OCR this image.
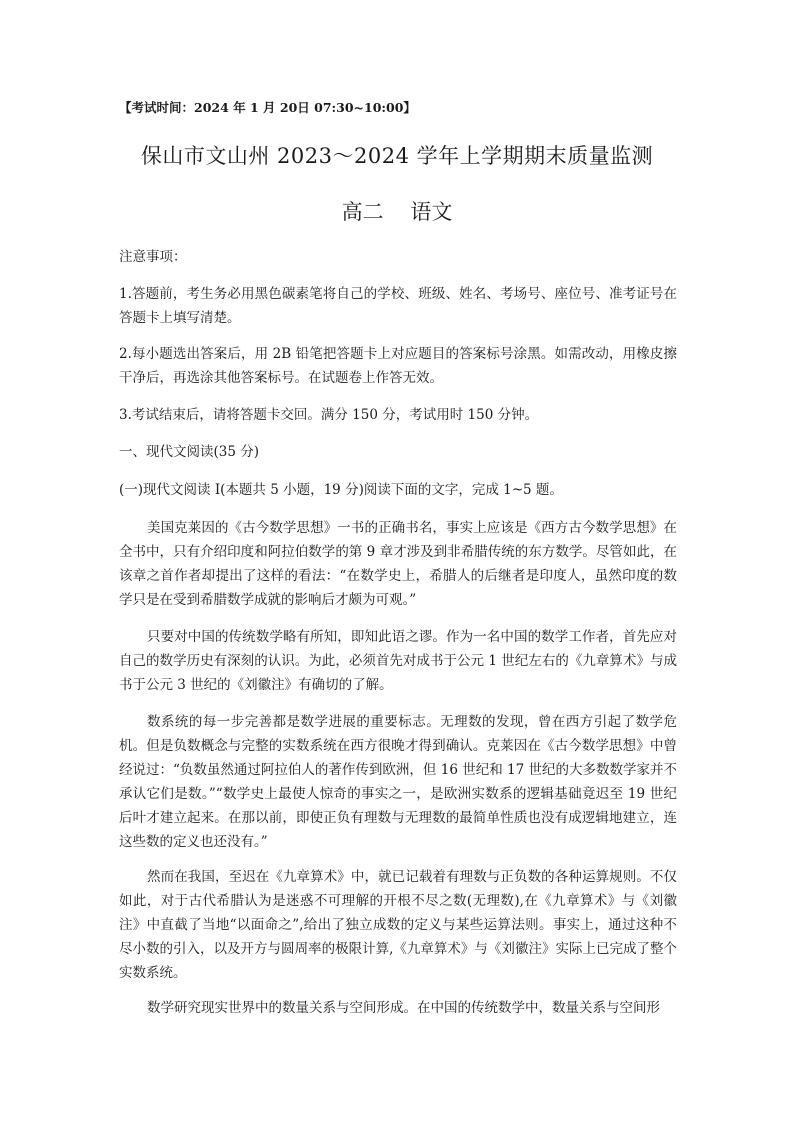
【考试时间：2024 年 1 月 20日 07:30~10:00】
保山市文山州 2023～2024 学年上学期期末质量监测
高二    语文
注意事项：
1.答题前，考生务必用黑色碳素笔将自己的学校、班级、姓名、考场号、座位号、准考证号在答题卡上填写清楚。
2.每小题选出答案后，用 2B 铅笔把答题卡上对应题目的答案标号涂黑。如需改动，用橡皮擦干净后，再选涂其他答案标号。在试题卷上作答无效。
3.考试结束后，请将答题卡交回。满分 150 分，考试用时 150 分钟。
一、现代文阅读(35 分)
(一)现代文阅读 I(本题共 5 小题，19 分)阅读下面的文字，完成 1~5 题。
美国克莱因的《古今数学思想》一书的正确书名，事实上应该是《西方古今数学思想》在全书中，只有介绍印度和阿拉伯数学的第 9 章才涉及到非希腊传统的东方数学。尽管如此，在该章之首作者却提出了这样的看法：“在数学史上，希腊人的后继者是印度人，虽然印度的数学只是在受到希腊数学成就的影响后才颇为可观。”
只要对中国的传统数学略有所知，即知此语之谬。作为一名中国的数学工作者，首先应对自己的数学历史有深刻的认识。为此，必须首先对成书于公元 1 世纪左右的《九章算术》与成书于公元 3 世纪的《刘徽注》有确切的了解。
数系统的每一步完善都是数学进展的重要标志。无理数的发现，曾在西方引起了数学危机。但是负数概念与完整的实数系统在西方很晚才得到确认。克莱因在《古今数学思想》中曾经说过：“负数虽然通过阿拉伯人的著作传到欧洲，但 16 世纪和 17 世纪的大多数数学家并不承认它们是数。”“数学史上最使人惊奇的事实之一，是欧洲实数系的逻辑基础竟迟至 19 世纪后叶才建立起来。在那以前，即使正负有理数与无理数的最简单性质也没有成逻辑地建立，连这些数的定义也还没有。”
然而在我国，至迟在《九章算术》中，就已记载着有理数与正负数的各种运算规则。不仅如此，对于古代希腊认为是迷惑不可理解的开根不尽之数(无理数),在《九章算术》与《刘徽注》中直截了当地“以面命之”,给出了独立成数的定义与某些运算法则。事实上，通过这种不尽小数的引入，以及开方与圆周率的极限计算,《九章算术》与《刘徽注》实际上已完成了整个实数系统。
数学研究现实世界中的数量关系与空间形成。在中国的传统数学中，数量关系与空间形
